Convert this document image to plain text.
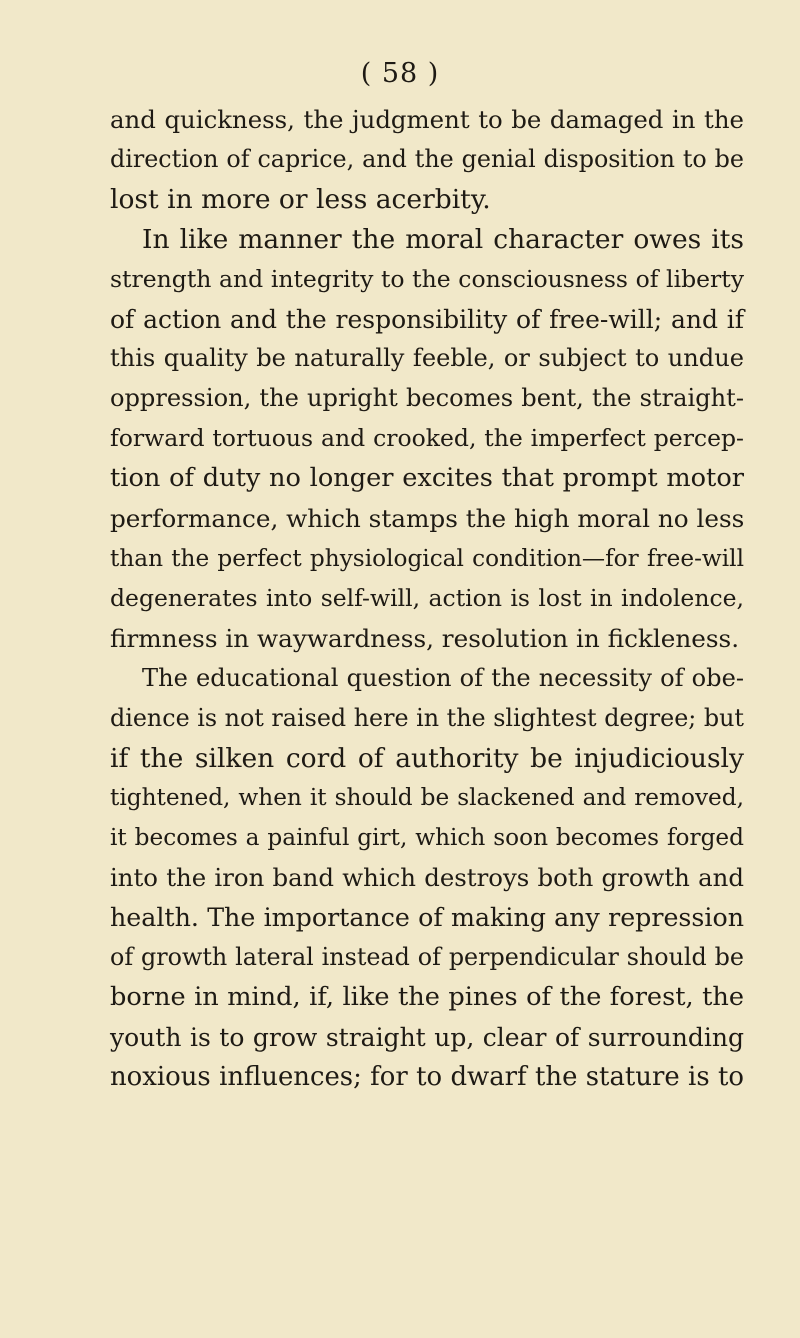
( 58 )
and quickness, the judgment to be damaged in the
direction of caprice, and the genial disposition to be
lost in more or less acerbity.
In like manner the moral character owes its
strength and integrity to the consciousness of liberty
of action and the responsibility of free-will; and if
this quality be naturally feeble, or subject to undue
oppression, the upright becomes bent, the straight-
forward tortuous and crooked, the imperfect percep-
tion of duty no longer excites that prompt motor
performance, which stamps the high moral no less
than the perfect physiological condition—for free-will
degenerates into self-will, action is lost in indolence,
firmness in waywardness, resolution in fickleness.
The educational question of the necessity of obe-
dience is not raised here in the slightest degree; but
if the silken cord of authority be injudiciously
tightened, when it should be slackened and removed,
it becomes a painful girt, which soon becomes forged
into the iron band which destroys both growth and
health. The importance of making any repression
of growth lateral instead of perpendicular should be
borne in mind, if, like the pines of the forest, the
youth is to grow straight up, clear of surrounding
noxious influences; for to dwarf the stature is to
